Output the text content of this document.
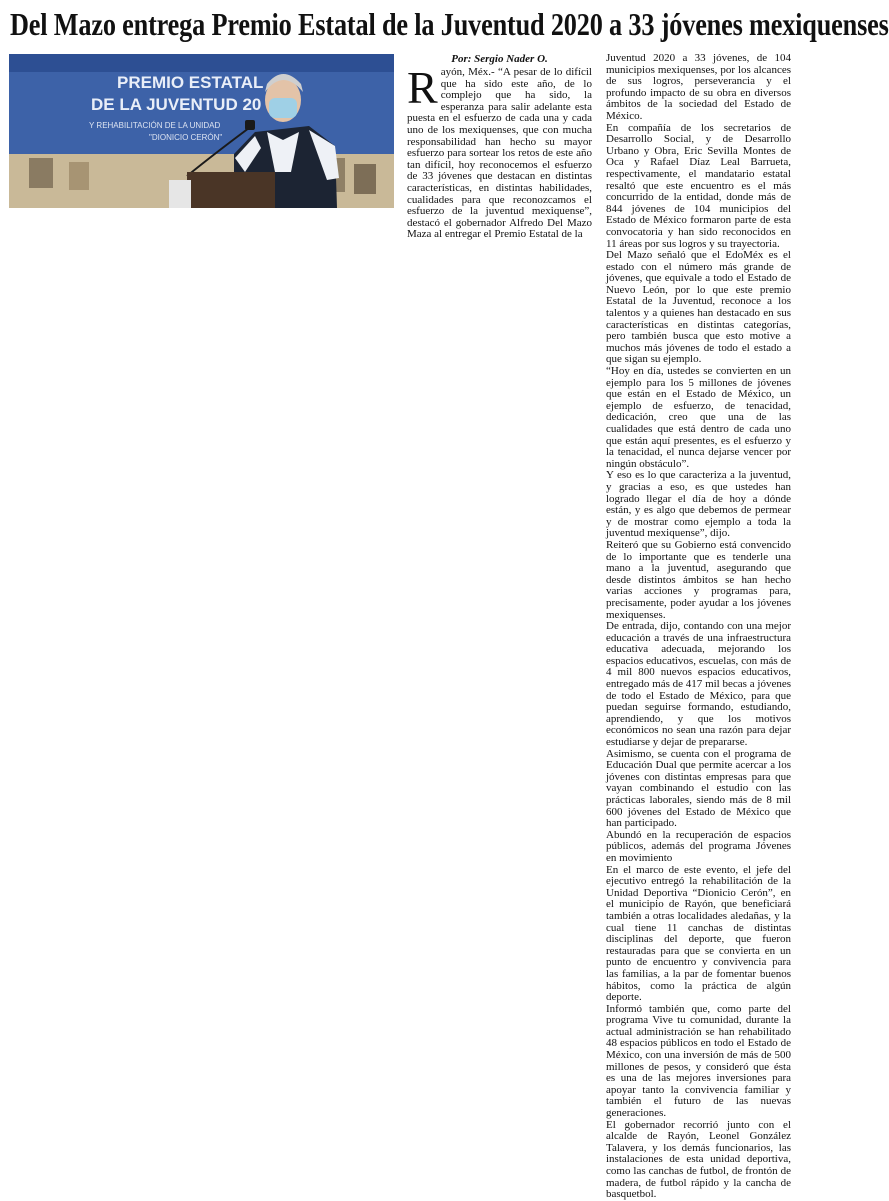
Del Mazo entrega Premio Estatal de la Juventud 2020 a 33 jóvenes mexiquenses
PREMIO ESTATAL
DE LA JUVENTUD 20
Y REHABILITACIÓN DE LA UNIDAD
"DIONICIO CERÓN"

Por: Sergio Nader O.

Rayón, Méx.- “A pesar de lo difícil que ha sido este año, de lo complejo que ha sido, la esperanza para salir adelante esta puesta en el esfuerzo de cada una y cada uno de los mexiquenses, que con mucha responsabilidad han hecho su mayor esfuerzo para sortear los retos de este año tan difícil, hoy reconocemos el esfuerzo de 33 jóvenes que destacan en distintas características, en distintas habilidades, cualidades para que reconozcamos el esfuerzo de la juventud mexiquense”, destacó el gobernador Alfredo Del Mazo Maza al entregar el Premio Estatal de la

Juventud 2020 a 33 jóvenes, de 104 municipios mexiquenses, por los alcances de sus logros, perseverancia y el profundo impacto de su obra en diversos ámbitos de la sociedad del Estado de México.

En compañía de los secretarios de Desarrollo Social, y de Desarrollo Urbano y Obra, Eric Sevilla Montes de Oca y Rafael Díaz Leal Barrueta, respectivamente, el mandatario estatal resaltó que este encuentro es el más concurrido de la entidad, donde más de 844 jóvenes de 104 municipios del Estado de México formaron parte de esta convocatoria y han sido reconocidos en 11 áreas por sus logros y su trayectoria.

Del Mazo señaló que el EdoMéx es el estado con el número más grande de jóvenes, que equivale a todo el Estado de Nuevo León, por lo que este premio Estatal de la Juventud, reconoce a los talentos y a quienes han destacado en sus características en distintas categorías, pero también busca que esto motive a muchos más jóvenes de todo el estado a que sigan su ejemplo.

“Hoy en día, ustedes se convierten en un ejemplo para los 5 millones de jóvenes que están en el Estado de México, un ejemplo de esfuerzo, de tenacidad, dedicación, creo que una de las cualidades que está dentro de cada uno que están aquí presentes, es el esfuerzo y la tenacidad, el nunca dejarse vencer por ningún obstáculo”.

Y eso es lo que caracteriza a la juventud, y gracias a eso, es que ustedes han logrado llegar el día de hoy a dónde están, y es algo que debemos de permear y de mostrar como ejemplo a toda la juventud mexiquense”, dijo.

Reiteró que su Gobierno está convencido de lo importante que es tenderle una mano a la juventud, asegurando que desde distintos ámbitos se han hecho varias acciones y programas para, precisamente, poder ayudar a los jóvenes mexiquenses.

De entrada, dijo, contando con una mejor educación a través de una infraestructura educativa adecuada, mejorando los espacios educativos, escuelas, con más de 4 mil 800 nuevos espacios educativos, entregado más de 417 mil becas a jóvenes de todo el Estado de México, para que puedan seguirse formando, estudiando, aprendiendo, y que los motivos económicos no sean una razón para dejar estudiarse y dejar de prepararse.

Asimismo, se cuenta con el programa de Educación Dual que permite acercar a los jóvenes con distintas empresas para que vayan combinando el estudio con las prácticas laborales, siendo más de 8 mil 600 jóvenes del Estado de México que han participado.

Abundó en la recuperación de espacios públicos, además del programa Jóvenes en movimiento

En el marco de este evento, el jefe del ejecutivo entregó la rehabilitación de la Unidad Deportiva “Dionicio Cerón”, en el municipio de Rayón, que beneficiará también a otras localidades aledañas, y la cual tiene 11 canchas de distintas disciplinas del deporte, que fueron restauradas para que se convierta en un punto de encuentro y convivencia para las familias, a la par de fomentar buenos hábitos, como la práctica de algún deporte.

Informó también que, como parte del programa Vive tu comunidad, durante la actual administración se han rehabilitado 48 espacios públicos en todo el Estado de México, con una inversión de más de 500 millones de pesos, y consideró que ésta es una de las mejores inversiones para apoyar tanto la convivencia familiar y también el futuro de las nuevas generaciones.

El gobernador recorrió junto con el alcalde de Rayón, Leonel González Talavera, y los demás funcionarios, las instalaciones de esta unidad deportiva, como las canchas de futbol, de frontón de madera, de futbol rápido y la cancha de basquetbol.
